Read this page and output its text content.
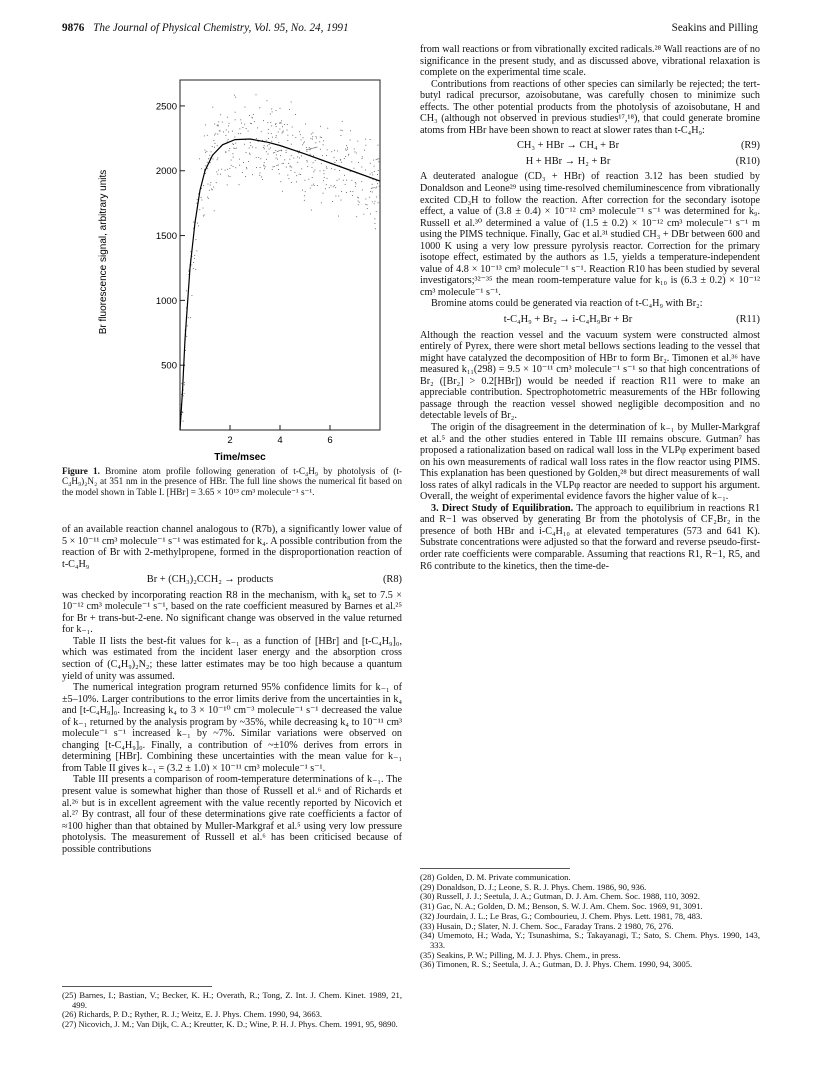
9876 The Journal of Physical Chemistry, Vol. 95, No. 24, 1991	Seakins and Pilling
500
1000
1500
2000
2500
2	4	6
Time/msec
Br fluorescence signal, arbitrary units
Figure 1. Bromine atom profile following generation of t-C₄H₉ by photolysis of (t-C₄H₉)₂N₂ at 351 nm in the presence of HBr. The full line shows the numerical fit based on the model shown in Table I. [HBr] = 3.65 × 10¹³ cm³ molecule⁻¹ s⁻¹.

of an available reaction channel analogous to (R7b), a significantly lower value of 5 × 10⁻¹¹ cm³ molecule⁻¹ s⁻¹ was estimated for k₄. A possible contribution from the reaction of Br with 2-methylpropene, formed in the disproportionation reaction of t-C₄H₉

Br + (CH₃)₂CCH₂ → products	(R8)

was checked by incorporating reaction R8 in the mechanism, with k₈ set to 7.5 × 10⁻¹² cm³ molecule⁻¹ s⁻¹, based on the rate coefficient measured by Barnes et al.²⁵ for Br + trans-but-2-ene. No significant change was observed in the value returned for k₋₁.

Table II lists the best-fit values for k₋₁ as a function of [HBr] and [t-C₄H₉]₀, which was estimated from the incident laser energy and the absorption cross section of (C₄H₉)₂N₂; these latter estimates may be too high because a quantum yield of unity was assumed.

The numerical integration program returned 95% confidence limits for k₋₁ of ±5–10%. Larger contributions to the error limits derive from the uncertainties in k₄ and [t-C₄H₉]₀. Increasing k₄ to 3 × 10⁻¹⁰ cm⁻³ molecule⁻¹ s⁻¹ decreased the value of k₋₁ returned by the analysis program by ~35%, while decreasing k₄ to 10⁻¹¹ cm³ molecule⁻¹ s⁻¹ increased k₋₁ by ~7%. Similar variations were observed on changing [t-C₄H₉]₀. Finally, a contribution of ~±10% derives from errors in determining [HBr]. Combining these uncertainties with the mean value for k₋₁ from Table II gives k₋₁ = (3.2 ± 1.0) × 10⁻¹¹ cm³ molecule⁻¹ s⁻¹.

Table III presents a comparison of room-temperature determinations of k₋₁. The present value is somewhat higher than those of Russell et al.⁶ and of Richards et al.²⁶ but is in excellent agreement with the value recently reported by Nicovich et al.²⁷ By contrast, all four of these determinations give rate coefficients a factor of ≈100 higher than that obtained by Muller-Markgraf et al.⁵ using very low pressure photolysis. The measurement of Russell et al.⁶ has been criticised because of possible contributions

(25) Barnes, I.; Bastian, V.; Becker, K. H.; Overath, R.; Tong, Z. Int. J. Chem. Kinet. 1989, 21, 499.
(26) Richards, P. D.; Ryther, R. J.; Weitz, E. J. Phys. Chem. 1990, 94, 3663.
(27) Nicovich, J. M.; Van Dijk, C. A.; Kreutter, K. D.; Wine, P. H. J. Phys. Chem. 1991, 95, 9890.

from wall reactions or from vibrationally excited radicals.²⁸ Wall reactions are of no significance in the present study, and as discussed above, vibrational relaxation is complete on the experimental time scale.

Contributions from reactions of other species can similarly be rejected; the tert-butyl radical precursor, azoisobutane, was carefully chosen to minimize such effects. The other potential products from the photolysis of azoisobutane, H and CH₃ (although not observed in previous studies¹⁷,¹⁸), that could generate bromine atoms from HBr have been shown to react at slower rates than t-C₄H₉:

CH₃ + HBr → CH₄ + Br	(R9)
H + HBr → H₂ + Br	(R10)

A deuterated analogue (CD₃ + HBr) of reaction 3.12 has been studied by Donaldson and Leone²⁹ using time-resolved chemiluminescence from vibrationally excited CD₃H to follow the reaction. After correction for the secondary isotope effect, a value of (3.8 ± 0.4) × 10⁻¹² cm³ molecule⁻¹ s⁻¹ was determined for k₉. Russell et al.³⁰ determined a value of (1.5 ± 0.2) × 10⁻¹² cm³ molecule⁻¹ s⁻¹ m using the PIMS technique. Finally, Gac et al.³¹ studied CH₃ + DBr between 600 and 1000 K using a very low pressure pyrolysis reactor. Correction for the primary isotope effect, estimated by the authors as 1.5, yields a temperature-independent value of 4.8 × 10⁻¹³ cm³ molecule⁻¹ s⁻¹. Reaction R10 has been studied by several investigators;³²⁻³⁵ the mean room-temperature value for k₁₀ is (6.3 ± 0.2) × 10⁻¹² cm³ molecule⁻¹ s⁻¹.

Bromine atoms could be generated via reaction of t-C₄H₉ with Br₂:

t-C₄H₉ + Br₂ → i-C₄H₉Br + Br	(R11)

Although the reaction vessel and the vacuum system were constructed almost entirely of Pyrex, there were short metal bellows sections leading to the vessel that might have catalyzed the decomposition of HBr to form Br₂. Timonen et al.³⁶ have measured k₁₁(298) = 9.5 × 10⁻¹¹ cm³ molecule⁻¹ s⁻¹ so that high concentrations of Br₂ ([Br₂] > 0.2[HBr]) would be needed if reaction R11 were to make an appreciable contribution. Spectrophotometric measurements of the HBr following passage through the reaction vessel showed negligible decomposition and no detectable levels of Br₂.

The origin of the disagreement in the determination of k₋₁ by Muller-Markgraf et al.⁵ and the other studies entered in Table III remains obscure. Gutman⁷ has proposed a rationalization based on radical wall loss in the VLPφ experiment based on his own measurements of radical wall loss rates in the flow reactor using PIMS. This explanation has been questioned by Golden,²⁸ but direct measurements of wall loss rates of alkyl radicals in the VLPφ reactor are needed to support his argument. Overall, the weight of experimental evidence favors the higher value of k₋₁.

3. Direct Study of Equilibration. The approach to equilibrium in reactions R1 and R−1 was observed by generating Br from the photolysis of CF₂Br₂ in the presence of both HBr and i-C₄H₁₀ at elevated temperatures (573 and 641 K). Substrate concentrations were adjusted so that the forward and reverse pseudo-first-order rate coefficients were comparable. Assuming that reactions R1, R−1, R5, and R6 contribute to the kinetics, then the time-de-

(28) Golden, D. M. Private communication.
(29) Donaldson, D. J.; Leone, S. R. J. Phys. Chem. 1986, 90, 936.
(30) Russell, J. J.; Seetula, J. A.; Gutman, D. J. Am. Chem. Soc. 1988, 110, 3092.
(31) Gac, N. A.; Golden, D. M.; Benson, S. W. J. Am. Chem. Soc. 1969, 91, 3091.
(32) Jourdain, J. L.; Le Bras, G.; Combourieu, J. Chem. Phys. Lett. 1981, 78, 483.
(33) Husain, D.; Slater, N. J. Chem. Soc., Faraday Trans. 2 1980, 76, 276.
(34) Umemoto, H.; Wada, Y.; Tsunashima, S.; Takayanagi, T.; Sato, S. Chem. Phys. 1990, 143, 333.
(35) Seakins, P. W.; Pilling, M. J. J. Phys. Chem., in press.
(36) Timonen, R. S.; Seetula, J. A.; Gutman, D. J. Phys. Chem. 1990, 94, 3005.
